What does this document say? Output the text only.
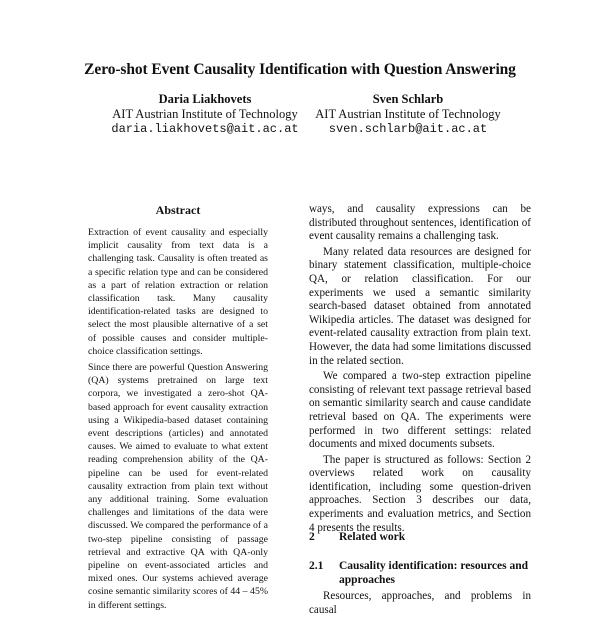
Zero-shot Event Causality Identification with Question Answering
Daria Liakhovets
AIT Austrian Institute of Technology
daria.liakhovets@ait.ac.at
Sven Schlarb
AIT Austrian Institute of Technology
sven.schlarb@ait.ac.at
Abstract
Extraction of event causality and especially implicit causality from text data is a challenging task. Causality is often treated as a specific relation type and can be considered as a part of relation extraction or relation classification task. Many causality identification-related tasks are designed to select the most plausible alternative of a set of possible causes and consider multiple-choice classification settings.
Since there are powerful Question Answering (QA) systems pretrained on large text corpora, we investigated a zero-shot QA-based approach for event causality extraction using a Wikipedia-based dataset containing event descriptions (articles) and annotated causes. We aimed to evaluate to what extent reading comprehension ability of the QA-pipeline can be used for event-related causality extraction from plain text without any additional training. Some evaluation challenges and limitations of the data were discussed. We compared the performance of a two-step pipeline consisting of passage retrieval and extractive QA with QA-only pipeline on event-associated articles and mixed ones. Our systems achieved average cosine semantic similarity scores of 44 – 45% in different settings.

ways, and causality expressions can be distributed throughout sentences, identification of event causality remains a challenging task.

Many related data resources are designed for binary statement classification, multiple-choice QA, or relation classification. For our experiments we used a semantic similarity search-based dataset obtained from annotated Wikipedia articles. The dataset was designed for event-related causality extraction from plain text. However, the data had some limitations discussed in the related section.

We compared a two-step extraction pipeline consisting of relevant text passage retrieval based on semantic similarity search and cause candidate retrieval based on QA. The experiments were performed in two different settings: related documents and mixed documents subsets.

The paper is structured as follows: Section 2 overviews related work on causality identification, including some question-driven approaches. Section 3 describes our data, experiments and evaluation metrics, and Section 4 presents the results.

2 Related work
2.1 Causality identification: resources and approaches
Resources, approaches, and problems in causal
